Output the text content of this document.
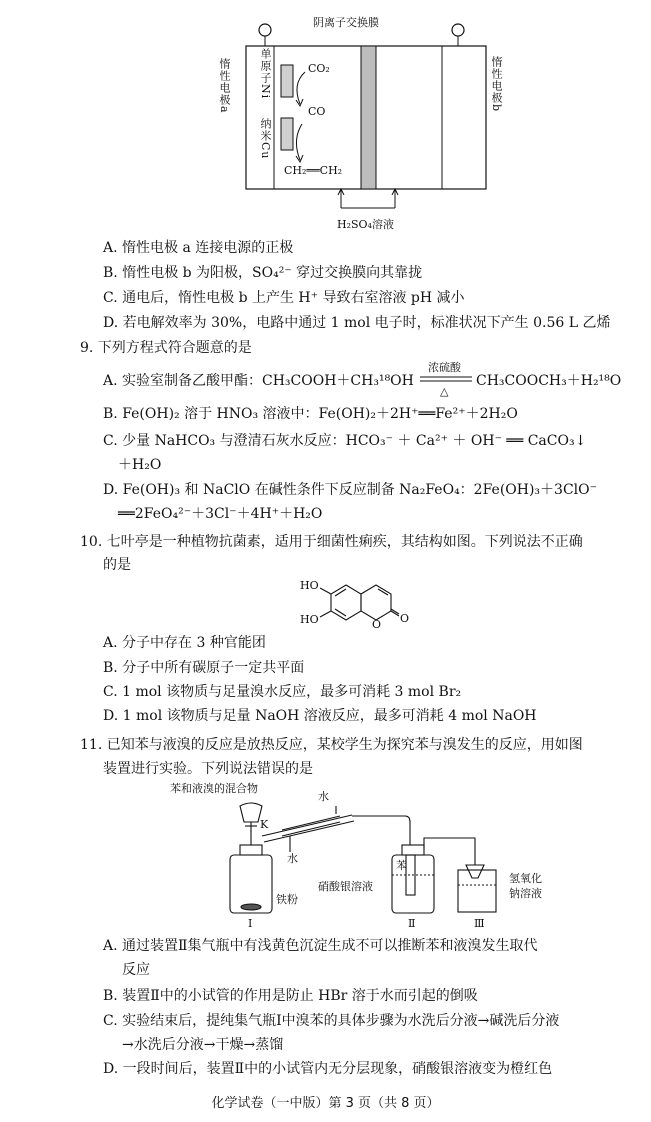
阴离子交换膜
惰性电极a	惰性电极b
单原子Ni
纳米Cu
CO₂
CO
CH₂══CH₂
H₂SO₄溶液
A. 惰性电极 a 连接电源的正极
B. 惰性电极 b 为阳极，SO₄²⁻ 穿过交换膜向其靠拢
C. 通电后，惰性电极 b 上产生 H⁺ 导致右室溶液 pH 减小
D. 若电解效率为 30%，电路中通过 1 mol 电子时，标准状况下产生 0.56 L 乙烯
9. 下列方程式符合题意的是
A. 实验室制备乙酸甲酯：CH₃COOH＋CH₃¹⁸OH
浓硫酸
△
CH₃COOCH₃＋H₂¹⁸O
B. Fe(OH)₂ 溶于 HNO₃ 溶液中：Fe(OH)₂＋2H⁺══Fe²⁺＋2H₂O
C. 少量 NaHCO₃ 与澄清石灰水反应：HCO₃⁻ ＋ Ca²⁺ ＋ OH⁻ ══ CaCO₃↓
＋H₂O
D. Fe(OH)₃ 和 NaClO 在碱性条件下反应制备 Na₂FeO₄：2Fe(OH)₃＋3ClO⁻
══2FeO₄²⁻＋3Cl⁻＋4H⁺＋H₂O
10. 七叶亭是一种植物抗菌素，适用于细菌性痢疾，其结构如图。下列说法不正确
的是
HO
HO	O O
A. 分子中存在 3 种官能团
B. 分子中所有碳原子一定共平面
C. 1 mol 该物质与足量溴水反应，最多可消耗 3 mol Br₂
D. 1 mol 该物质与足量 NaOH 溶液反应，最多可消耗 4 mol NaOH
11. 已知苯与液溴的反应是放热反应，某校学生为探究苯与溴发生的反应，用如图
装置进行实验。下列说法错误的是
苯和液溴的混合物
水
水
K
铁粉
苯
硝酸银溶液
氢氧化
钠溶液
Ⅰ	Ⅱ	Ⅲ
A. 通过装置Ⅱ集气瓶中有浅黄色沉淀生成不可以推断苯和液溴发生取代
反应
B. 装置Ⅱ中的小试管的作用是防止 HBr 溶于水而引起的倒吸
C. 实验结束后，提纯集气瓶Ⅰ中溴苯的具体步骤为水洗后分液→碱洗后分液
→水洗后分液→干燥→蒸馏
D. 一段时间后，装置Ⅱ中的小试管内无分层现象，硝酸银溶液变为橙红色
化学试卷（一中版）第 3 页（共 8 页）
